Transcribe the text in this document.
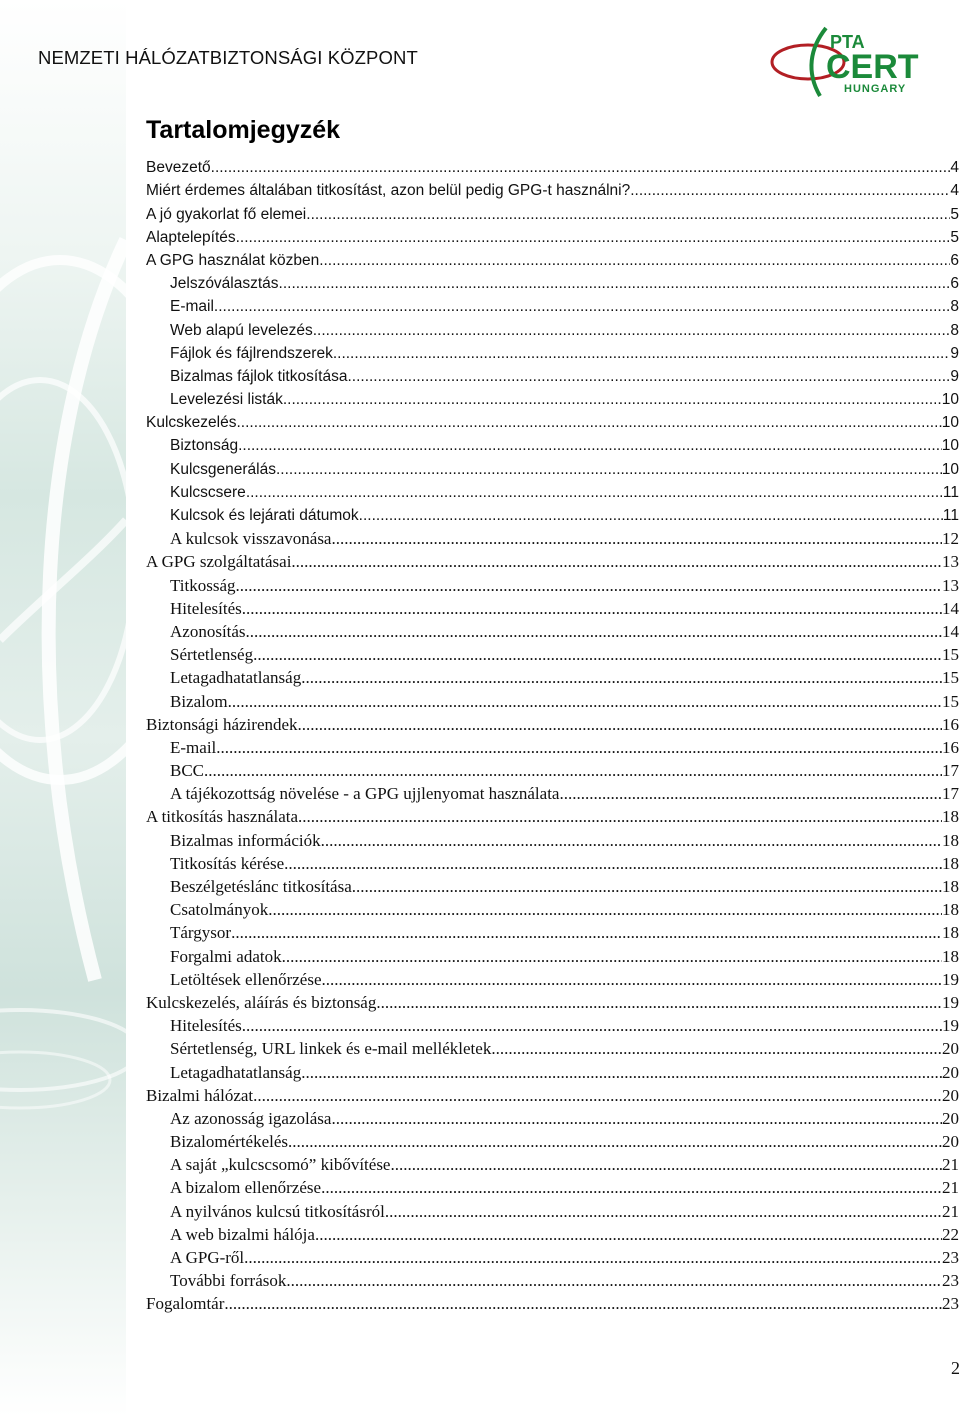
NEMZETI HÁLÓZATBIZTONSÁGI KÖZPONT
PTA
CERT
HUNGARY
Tartalomjegyzék
Bevezető .....	4
Miért érdemes általában titkosítást, azon belül pedig GPG-t használni? .....	4
A jó gyakorlat fő elemei .....	5
Alaptelepítés .....	5
A GPG használat közben .....	6
Jelszóválasztás .....	6
E-mail .....	8
Web alapú levelezés .....	8
Fájlok és fájlrendszerek .....	9
Bizalmas fájlok titkosítása .....	9
Levelezési listák .....	10
Kulcskezelés .....	10
Biztonság .....	10
Kulcsgenerálás .....	10
Kulcscsere .....	11
Kulcsok és lejárati dátumok .....	11
A kulcsok visszavonása .....	12
A GPG szolgáltatásai .....	13
Titkosság .....	13
Hitelesítés .....	14
Azonosítás .....	14
Sértetlenség .....	15
Letagadhatatlanság .....	15
Bizalom .....	15
Biztonsági házirendek .....	16
E-mail .....	16
BCC .....	17
A tájékozottság növelése - a GPG ujjlenyomat használata .....	17
A titkosítás használata .....	18
Bizalmas információk .....	18
Titkosítás kérése .....	18
Beszélgetéslánc titkosítása .....	18
Csatolmányok .....	18
Tárgysor .....	18
Forgalmi adatok .....	18
Letöltések ellenőrzése .....	19
Kulcskezelés, aláírás és biztonság .....	19
Hitelesítés .....	19
Sértetlenség, URL linkek és e-mail mellékletek .....	20
Letagadhatatlanság .....	20
Bizalmi hálózat .....	20
Az azonosság igazolása .....	20
Bizalomértékelés .....	20
A saját „kulcscsomó” kibővítése .....	21
A bizalom ellenőrzése .....	21
A nyilvános kulcsú titkosításról .....	21
A web bizalmi hálója .....	22
A GPG-ről .....	23
További források .....	23
Fogalomtár .....	23
2
